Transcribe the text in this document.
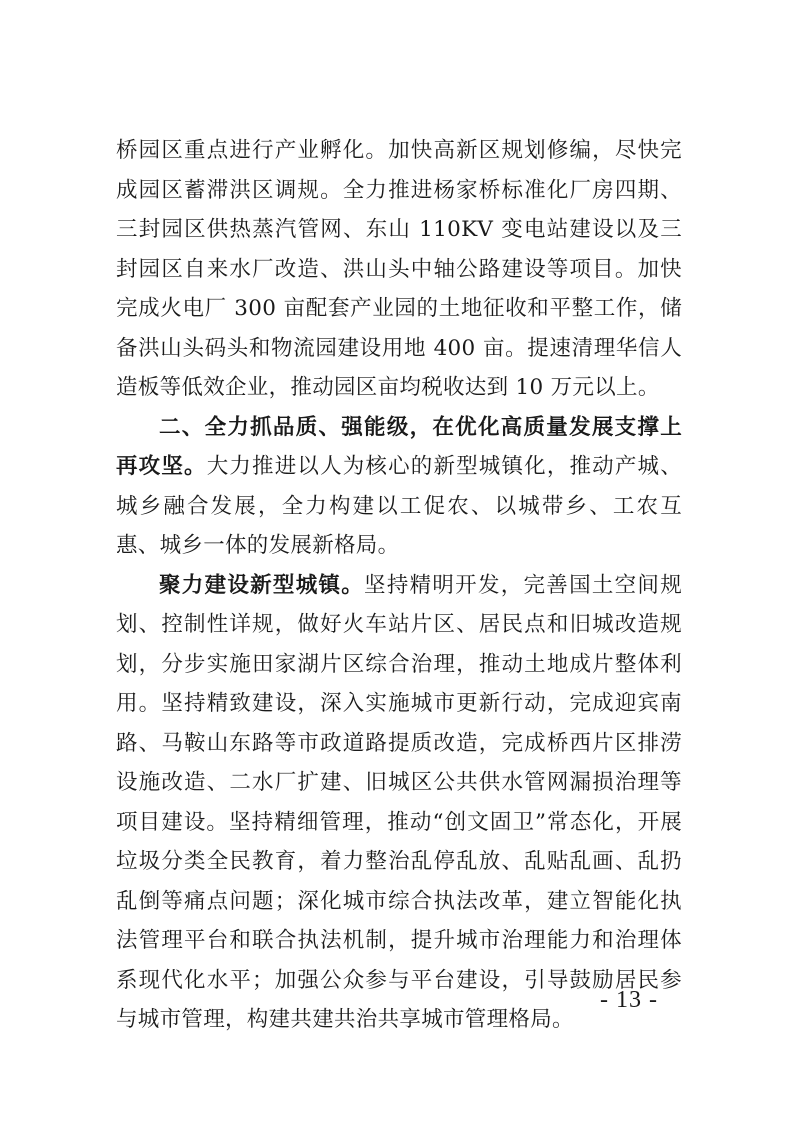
桥园区重点进行产业孵化。加快高新区规划修编，尽快完成园区蓄滞洪区调规。全力推进杨家桥标准化厂房四期、三封园区供热蒸汽管网、东山 110KV 变电站建设以及三封园区自来水厂改造、洪山头中轴公路建设等项目。加快完成火电厂 300 亩配套产业园的土地征收和平整工作，储备洪山头码头和物流园建设用地 400 亩。提速清理华信人造板等低效企业，推动园区亩均税收达到 10 万元以上。

二、全力抓品质、强能级，在优化高质量发展支撑上再攻坚。大力推进以人为核心的新型城镇化，推动产城、城乡融合发展，全力构建以工促农、以城带乡、工农互惠、城乡一体的发展新格局。

聚力建设新型城镇。坚持精明开发，完善国土空间规划、控制性详规，做好火车站片区、居民点和旧城改造规划，分步实施田家湖片区综合治理，推动土地成片整体利用。坚持精致建设，深入实施城市更新行动，完成迎宾南路、马鞍山东路等市政道路提质改造，完成桥西片区排涝设施改造、二水厂扩建、旧城区公共供水管网漏损治理等项目建设。坚持精细管理，推动“创文固卫”常态化，开展垃圾分类全民教育，着力整治乱停乱放、乱贴乱画、乱扔乱倒等痛点问题；深化城市综合执法改革，建立智能化执法管理平台和联合执法机制，提升城市治理能力和治理体系现代化水平；加强公众参与平台建设，引导鼓励居民参与城市管理，构建共建共治共享城市管理格局。

- 13 -
